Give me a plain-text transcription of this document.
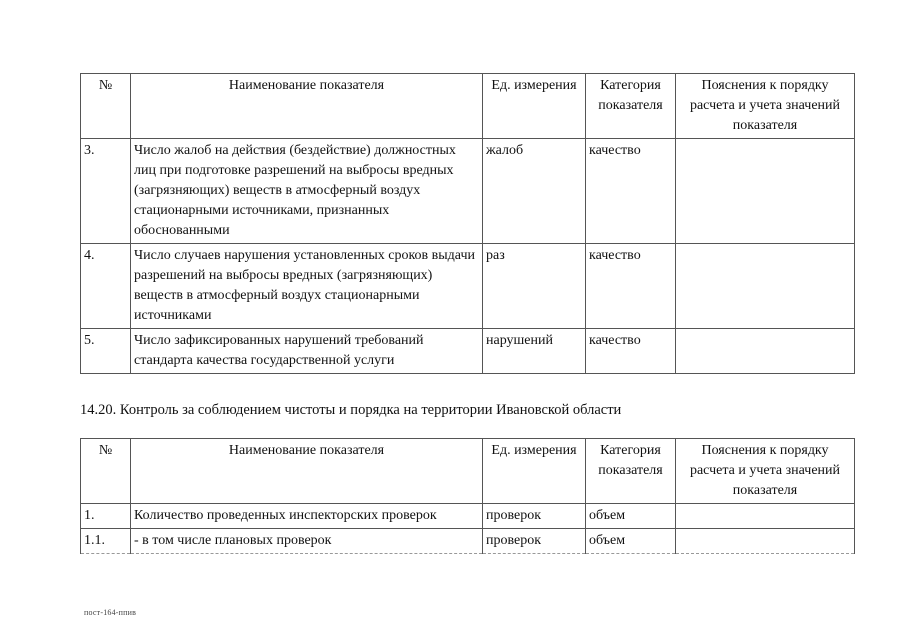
№	Наименование показателя	Ед. измерения	Категория показателя	Пояснения к порядку расчета и учета значений показателя
3.	Число жалоб на действия (бездействие) должностных лиц при подготовке разрешений на выбросы вредных (загрязняющих) веществ в атмосферный воздух стационарными источниками, признанных обоснованными	жалоб	качество	
4.	Число случаев нарушения установленных сроков выдачи разрешений на выбросы вредных (загрязняющих) веществ в атмосферный воздух стационарными источниками	раз	качество	
5.	Число зафиксированных нарушений требований стандарта качества государственной услуги	нарушений	качество	
14.20. Контроль за соблюдением чистоты и порядка на территории Ивановской области
№	Наименование показателя	Ед. измерения	Категория показателя	Пояснения к порядку расчета и учета значений показателя
1.	Количество проведенных инспекторских проверок	проверок	объем	
1.1.	- в том числе плановых проверок	проверок	объем	
пост-164-ппив
